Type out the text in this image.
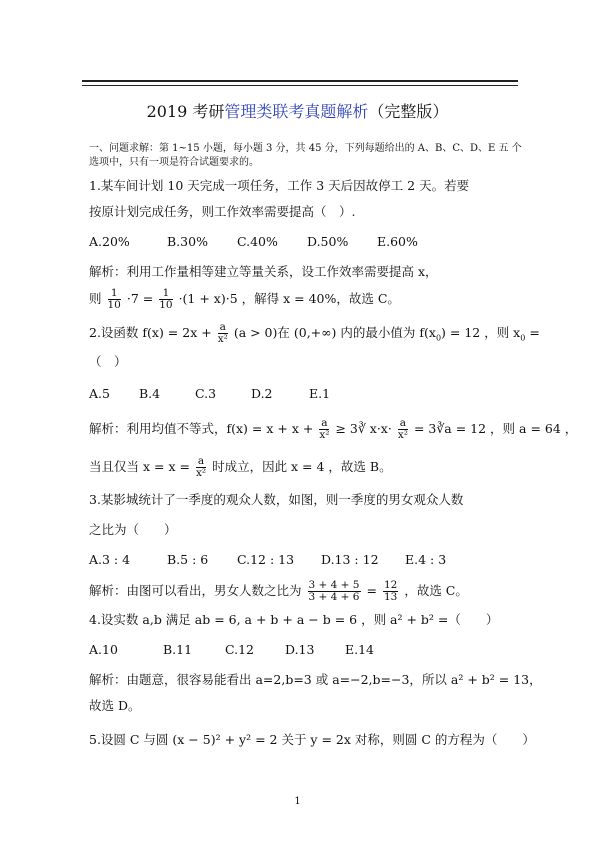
2019 考研管理类联考真题解析（完整版）
一、问题求解：第 1~15 小题，每小题 3 分，共 45 分，下列每题给出的 A、B、C、D、E 五 个
选项中，只有一项是符合试题要求的。
1.某车间计划 10 天完成一项任务，工作 3 天后因故停工 2 天。若要
按原计划完成任务，则工作效率需要提高（　）.
A.20%	B.30% C.40% D.50% E.60%
解析：利用工作量相等建立等量关系，设工作效率需要提高 x，
则 $\frac{1}{10} \cdot 7 = \frac{1}{10} \cdot(1 + x)\cdot 5$ ，解得 x = 40%，故选 C。
2.设函数 $f(x) = 2x + \frac{a}{\text{x²}} (a > 0)$在 (0,+∞) 内的最小值为 $f(x_0) = 12$ ，则 $x_0$ =
（　）
A.5 B.4	C.3	D.2	E.1
解析：利用均值不等式，$f(x) = x + x + \frac{a}{\text{x²}}$ ≥ 3∛ $x\cdot x\cdot \frac{a}{\text{x²}}$ = 3∛a = 12 ，则 a = 64 ，
当且仅当 $x = x = \frac{a}{\text{x²}}$ 时成立，因此 x = 4 ，故选 B。
3.某影城统计了一季度的观众人数，如图，则一季度的男女观众人数
之比为（　　）
A.3 : 4	B.5 : 6 C.12 : 13 D.13 : 12 E.4 : 3
解析：由图可以看出，男女人数之比为 $\frac{3 + 4 + 5}{3 + 4 + 6} = \frac{12}{13}$ ，故选 C。
4.设实数 a,b 满足 ab = 6, a + b + a − b = 6 ，则 a² + b² =（　　）
A.10	B.11	C.12 D.13 E.14
解析：由题意，很容易能看出 a=2,b=3 或 a=−2,b=−3，所以 a² + b² = 13，
故选 D。
5.设圆 C 与圆 (x − 5)² + y² = 2 关于 y = 2x 对称，则圆 C 的方程为（　　）
1
